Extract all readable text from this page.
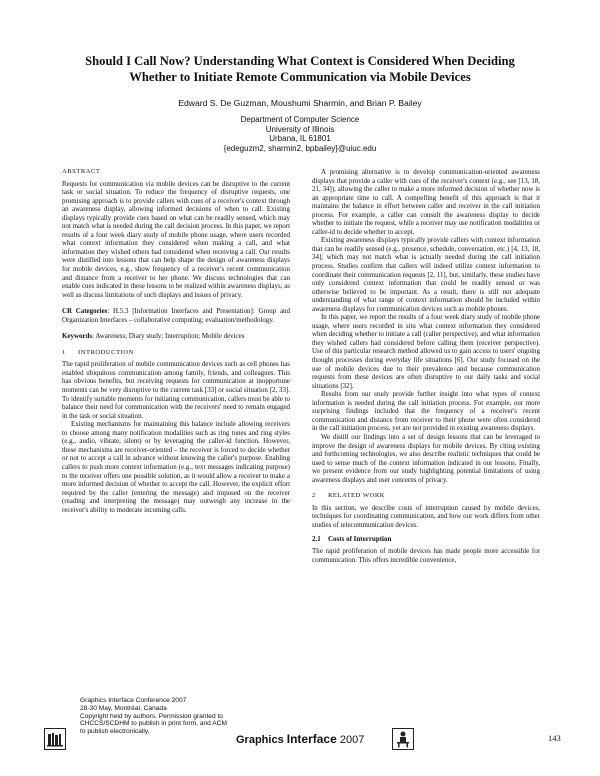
Should I Call Now? Understanding What Context is Considered When Deciding
Whether to Initiate Remote Communication via Mobile Devices
Edward S. De Guzman, Moushumi Sharmin, and Brian P. Bailey
Department of Computer Science
University of Illinois
Urbana, IL 61801
{edeguzm2, sharmin2, bpbailey}@uiuc.edu
ABSTRACT

Requests for communication via mobile devices can be disruptive to the current task or social situation. To reduce the frequency of disruptive requests, one promising approach is to provide callers with cues of a receiver's context through an awareness display, allowing informed decisions of when to call. Existing displays typically provide cues based on what can be readily sensed, which may not match what is needed during the call decision process. In this paper, we report results of a four week diary study of mobile phone usage, where users recorded what context information they considered when making a call, and what information they wished others had considered when receiving a call. Our results were distilled into lessons that can help shape the design of awareness displays for mobile devices, e.g., show frequency of a receiver's recent communication and distance from a receiver to her phone. We discuss technologies that can enable cues indicated in these lessons to be realized within awareness displays, as well as discuss limitations of such displays and issues of privacy.

CR Categories: H.5.3 [Information Interfaces and Presentation]: Group and Organization Interfaces – collaborative computing; evaluation/methodology.

Keywords: Awareness; Diary study; Interruption; Mobile devices

1 INTRODUCTION

The rapid proliferation of mobile communication devices such as cell phones has enabled ubiquitous communication among family, friends, and colleagues. This has obvious benefits, but receiving requests for communication at inopportune moments can be very disruptive to the current task [33] or social situation [2, 33]. To identify suitable moments for initiating communication, callers must be able to balance their need for communication with the receivers' need to remain engaged in the task or social situation.

Existing mechanisms for maintaining this balance include allowing receivers to choose among many notification modalities such as ring tones and ring styles (e.g., audio, vibrate, silent) or by leveraging the caller-id function. However, these mechanisms are receiver-oriented – the receiver is forced to decide whether or not to accept a call in advance without knowing the caller's purpose. Enabling callers to push more context information (e.g., text messages indicating purpose) to the receiver offers one possible solution, as it would allow a receiver to make a more informed decision of whether to accept the call. However, the explicit effort required by the caller (entering the message) and imposed on the receiver (reading and interpreting the message) may outweigh any increase in the receiver's ability to moderate incoming calls.

Graphics Interface Conference 2007
28-30 May, Montréal, Canada
Copyright held by authors. Permission granted to
CHCCS/SCDHM to publish in print form, and ACM
to publish electronically.

A promising alternative is to develop communication-oriented awareness displays that provide a caller with cues of the receiver's context (e.g., see [13, 18, 21, 34]), allowing the caller to make a more informed decision of whether now is an appropriate time to call. A compelling benefit of this approach is that it maintains the balance in effort between caller and receiver in the call initiation process. For example, a caller can consult the awareness display to decide whether to initiate the request, while a receiver may use notification modalities or caller-id to decide whether to accept.

Existing awareness displays typically provide callers with context information that can be readily sensed (e.g., presence, schedule, conversation, etc.) [4, 13, 18, 34]; which may not match what is actually needed during the call initiation process. Studies confirm that callers will indeed utilize context information to coordinate their communication requests [2, 11], but, similarly, these studies have only considered context information that could be readily sensed or was otherwise believed to be important. As a result, there is still not adequate understanding of what range of context information should be included within awareness displays for communication devices such as mobile phones.

In this paper, we report the results of a four week diary study of mobile phone usage, where users recorded in situ what context information they considered when deciding whether to initiate a call (caller perspective), and what information they wished callers had considered before calling them (receiver perspective). Use of this particular research method allowed us to gain access to users' ongoing thought processes during everyday life situations [6]. Our study focused on the use of mobile devices due to their prevalence and because communication requests from these devices are often disruptive to our daily tasks and social situations [32].

Results from our study provide further insight into what types of context information is needed during the call initiation process. For example, our more surprising findings included that the frequency of a receiver's recent communication and distance from receiver to their phone were often considered in the call initiation process, yet are not provided in existing awareness displays.

We distill our findings into a set of design lessons that can be leveraged to improve the design of awareness displays for mobile devices. By citing existing and forthcoming technologies, we also describe realistic techniques that could be used to sense much of the context information indicated in our lessons. Finally, we present evidence from our study highlighting potential limitations of using awareness displays and user concerns of privacy.

2 RELATED WORK

In this section, we describe costs of interruption caused by mobile devices, techniques for coordinating communication, and how our work differs from other studies of telecommunication devices.

2.1 Costs of Interruption

The rapid proliferation of mobile devices has made people more accessible for communication. This offers incredible convenience,

Graphics Interface 2007	143
